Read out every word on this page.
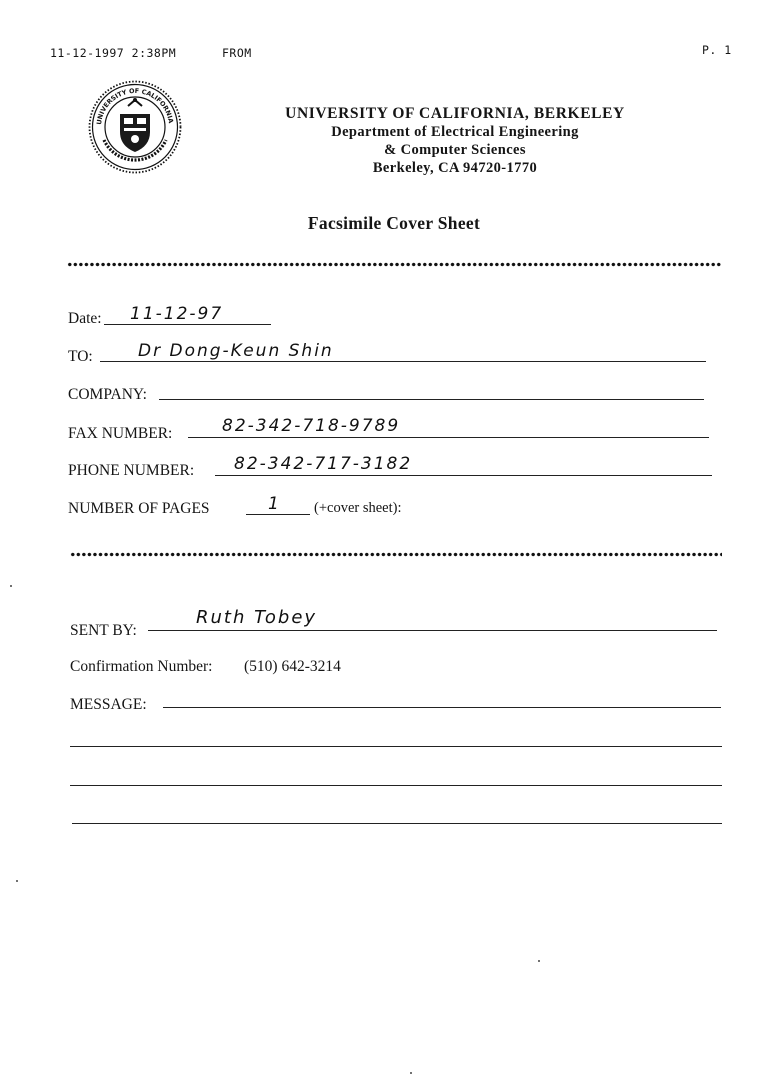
11-12-1997 2:38PM	FROM	P. 1
UNIVERSITY OF CALIFORNIA	UNIVERSITY OF CALIFORNIA, BERKELEY
Department of Electrical Engineering
& Computer Sciences
Berkeley, CA 94720-1770
Facsimile Cover Sheet
Date: 11-12-97
TO:	Dr Dong-Keun Shin
COMPANY:
FAX NUMBER:	82-342-718-9789
PHONE NUMBER: 82-342-717-3182
NUMBER OF PAGES	1 (+cover sheet):
SENT BY:
Ruth Tobey
Confirmation Number: (510) 642-3214
MESSAGE:
